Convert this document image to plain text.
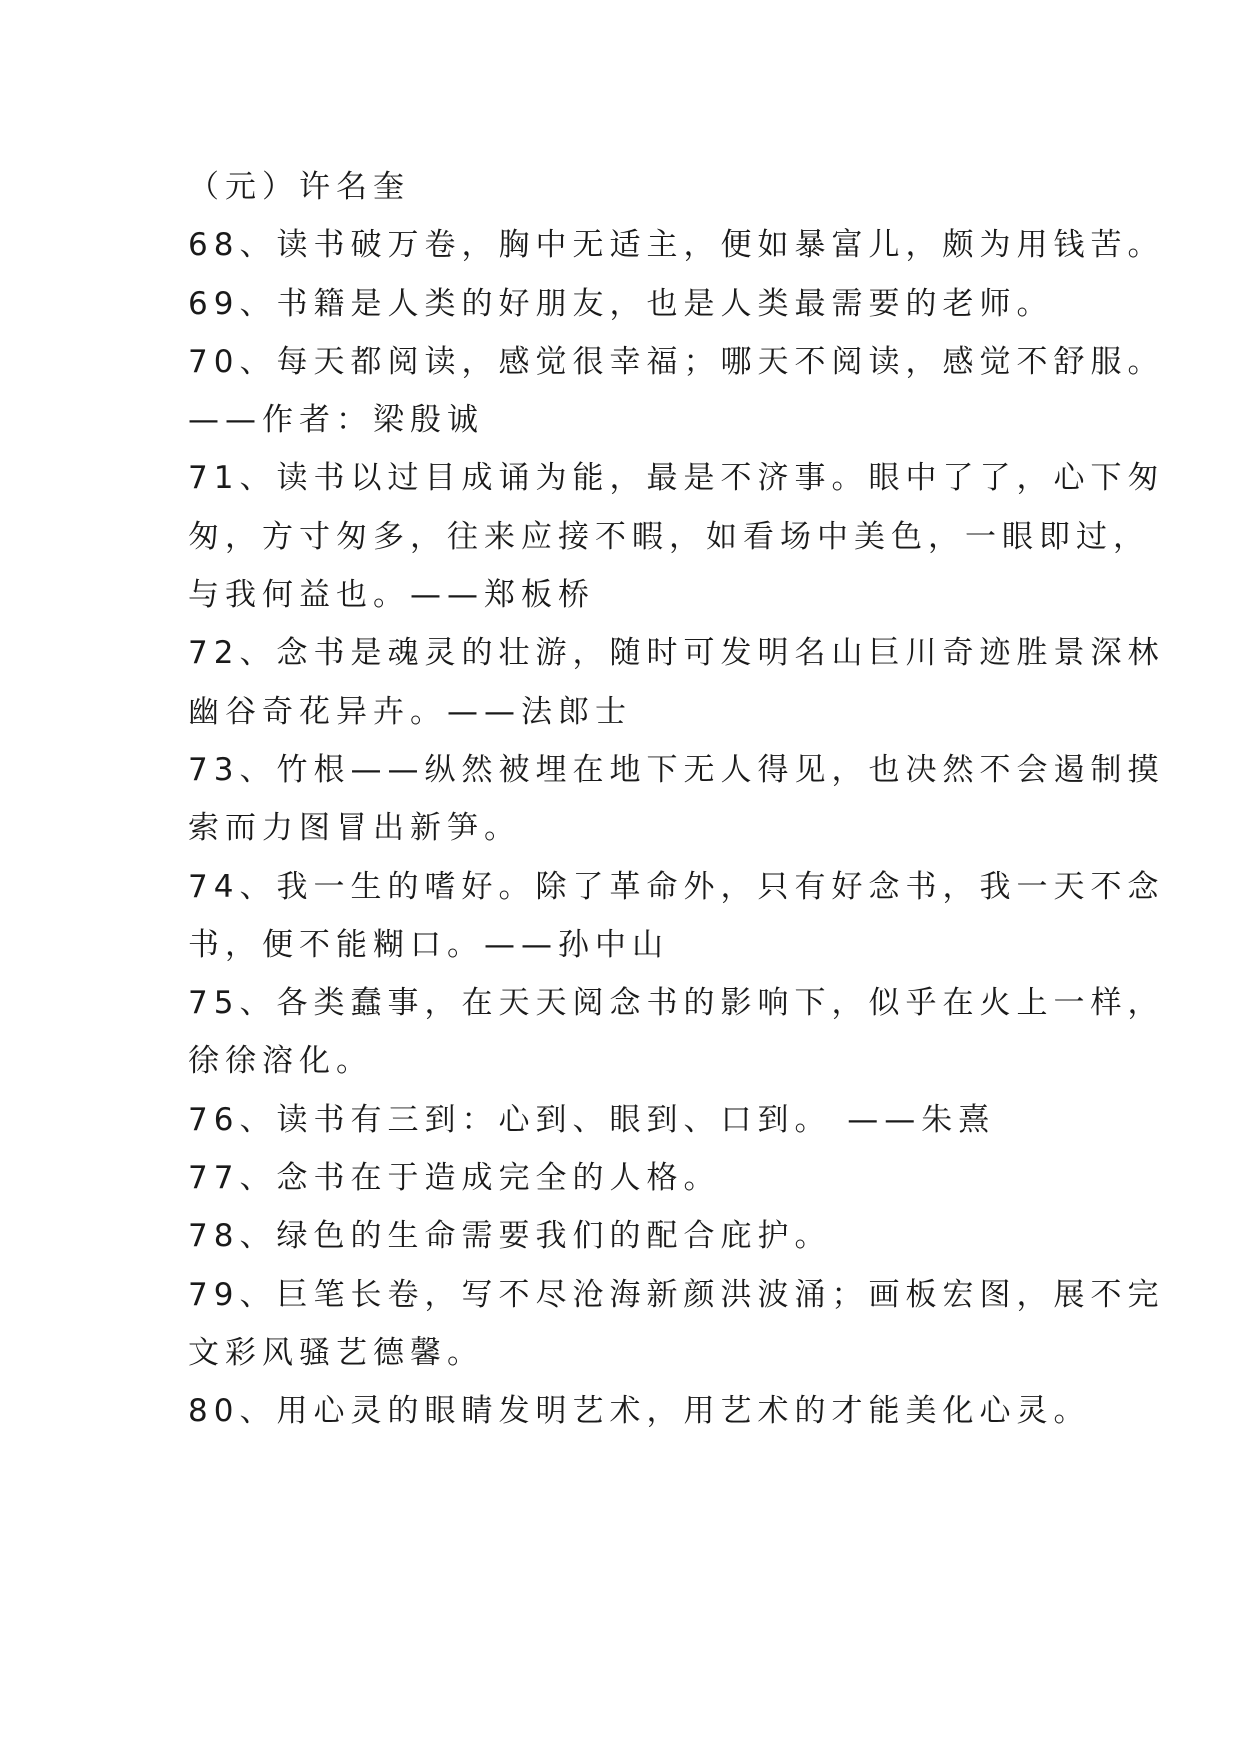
（元）许名奎
68、读书破万卷，胸中无适主，便如暴富儿，颇为用钱苦。
69、书籍是人类的好朋友，也是人类最需要的老师。
70、每天都阅读，感觉很幸福；哪天不阅读，感觉不舒服。
——作者：梁殷诚
71、读书以过目成诵为能，最是不济事。眼中了了，心下匆
匆，方寸匆多，往来应接不暇，如看场中美色，一眼即过，
与我何益也。——郑板桥
72、念书是魂灵的壮游，随时可发明名山巨川奇迹胜景深林
幽谷奇花异卉。——法郎士
73、竹根——纵然被埋在地下无人得见，也决然不会遏制摸
索而力图冒出新笋。
74、我一生的嗜好。除了革命外，只有好念书，我一天不念
书，便不能糊口。——孙中山
75、各类蠢事，在天天阅念书的影响下，似乎在火上一样，
徐徐溶化。
76、读书有三到：心到、眼到、口到。 ——朱熹
77、念书在于造成完全的人格。
78、绿色的生命需要我们的配合庇护。
79、巨笔长卷，写不尽沧海新颜洪波涌；画板宏图，展不完
文彩风骚艺德馨。
80、用心灵的眼睛发明艺术，用艺术的才能美化心灵。
